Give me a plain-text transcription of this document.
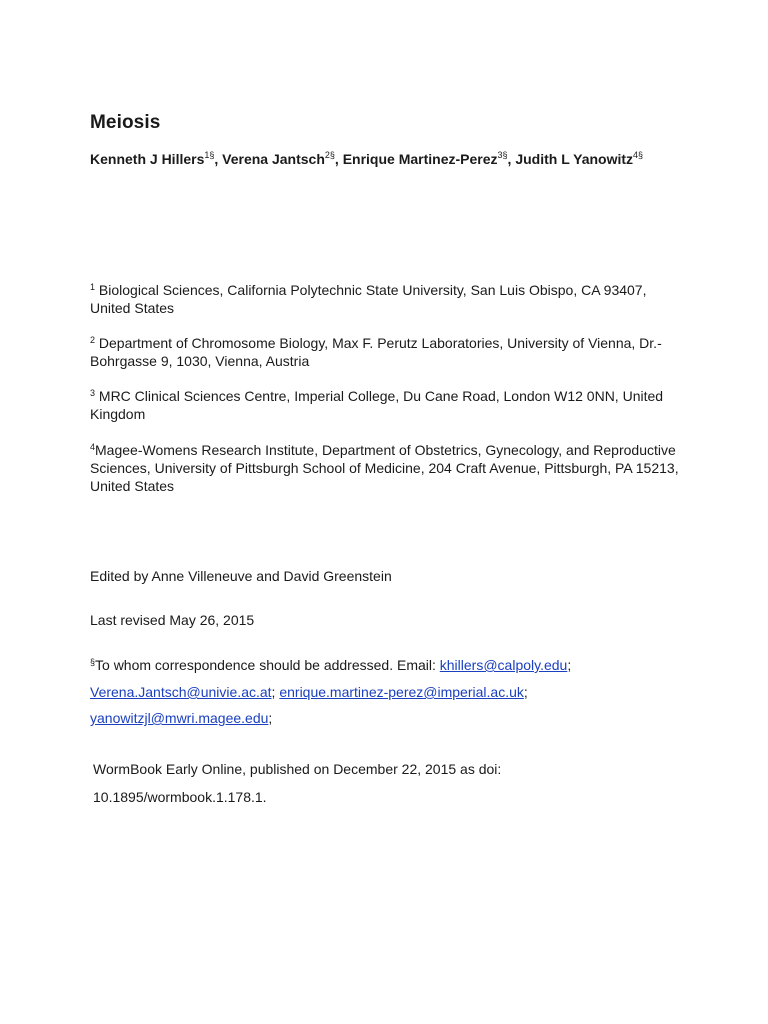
Meiosis
Kenneth J Hillers$^{1\S}$, Verena Jantsch$^{2\S}$, Enrique Martinez-Perez$^{3\S}$, Judith L Yanowitz$^{4\S}$
$^1$ Biological Sciences, California Polytechnic State University, San Luis Obispo, CA 93407, United States
$^2$ Department of Chromosome Biology, Max F. Perutz Laboratories, University of Vienna, Dr.-Bohrgasse 9, 1030, Vienna, Austria
$^3$ MRC Clinical Sciences Centre, Imperial College, Du Cane Road, London W12 0NN, United Kingdom
$^4$Magee-Womens Research Institute, Department of Obstetrics, Gynecology, and Reproductive Sciences, University of Pittsburgh School of Medicine, 204 Craft Avenue, Pittsburgh, PA 15213, United States
Edited by Anne Villeneuve and David Greenstein
Last revised May 26, 2015
§To whom correspondence should be addressed. Email: khillers@calpoly.edu;
Verena.Jantsch@univie.ac.at; enrique.martinez-perez@imperial.ac.uk;
yanowitzjl@mwri.magee.edu;
WormBook Early Online, published on December 22, 2015 as doi:
10.1895/wormbook.1.178.1.
